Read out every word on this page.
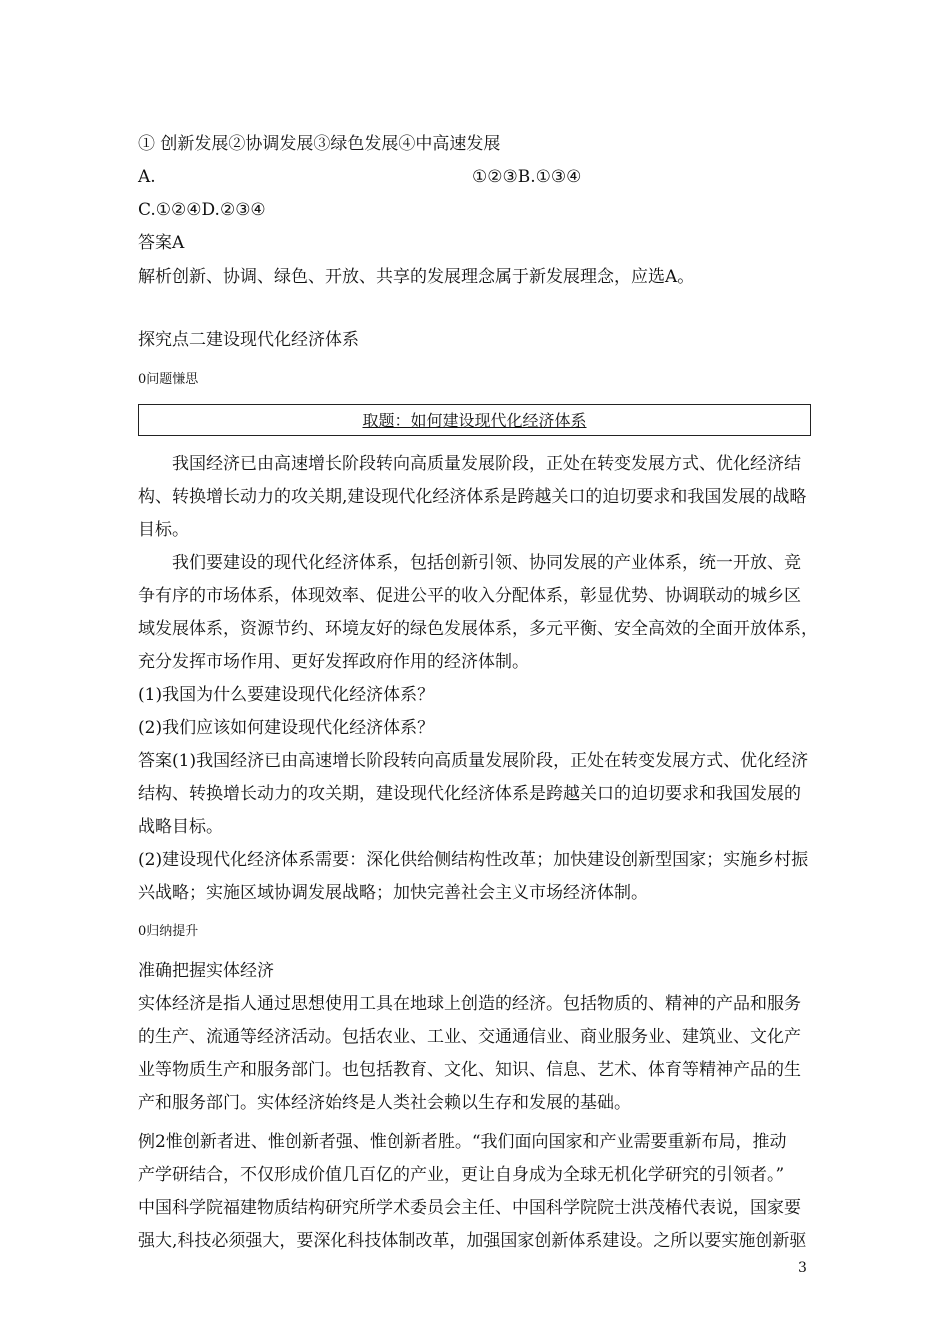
① 创新发展②协调发展③绿色发展④中高速发展
A.	①②③B.①③④
C.①②④D.②③④
答案A
解析创新、协调、绿色、开放、共享的发展理念属于新发展理念，应选A。
探究点二建设现代化经济体系
0问题慊思
取题：如何建设现代化经济体系
我国经济已由高速增长阶段转向高质量发展阶段，正处在转变发展方式、优化经济结
构、转换增长动力的攻关期,建设现代化经济体系是跨越关口的迫切要求和我国发展的战略
目标。
我们要建设的现代化经济体系，包括创新引领、协同发展的产业体系，统一开放、竞
争有序的市场体系，体现效率、促进公平的收入分配体系，彰显优势、协调联动的城乡区
域发展体系，资源节约、环境友好的绿色发展体系，多元平衡、安全高效的全面开放体系，
充分发挥市场作用、更好发挥政府作用的经济体制。
(1)我国为什么要建设现代化经济体系？
(2)我们应该如何建设现代化经济体系？
答案(1)我国经济已由高速增长阶段转向高质量发展阶段，正处在转变发展方式、优化经济
结构、转换增长动力的攻关期，建设现代化经济体系是跨越关口的迫切要求和我国发展的
战略目标。
(2)建设现代化经济体系需要：深化供给侧结构性改革；加快建设创新型国家；实施乡村振
兴战略；实施区域协调发展战略；加快完善社会主义市场经济体制。
0归纳提升
准确把握实体经济
实体经济是指人通过思想使用工具在地球上创造的经济。包括物质的、精神的产品和服务
的生产、流通等经济活动。包括农业、工业、交通通信业、商业服务业、建筑业、文化产
业等物质生产和服务部门。也包括教育、文化、知识、信息、艺术、体育等精神产品的生
产和服务部门。实体经济始终是人类社会赖以生存和发展的基础。
例2惟创新者进、惟创新者强、惟创新者胜。“我们面向国家和产业需要重新布局，推动
产学研结合，不仅形成价值几百亿的产业，更让自身成为全球无机化学研究的引领者。”
中国科学院福建物质结构研究所学术委员会主任、中国科学院院士洪茂椿代表说，国家要
强大,科技必须强大，要深化科技体制改革，加强国家创新体系建设。之所以要实施创新驱
3
